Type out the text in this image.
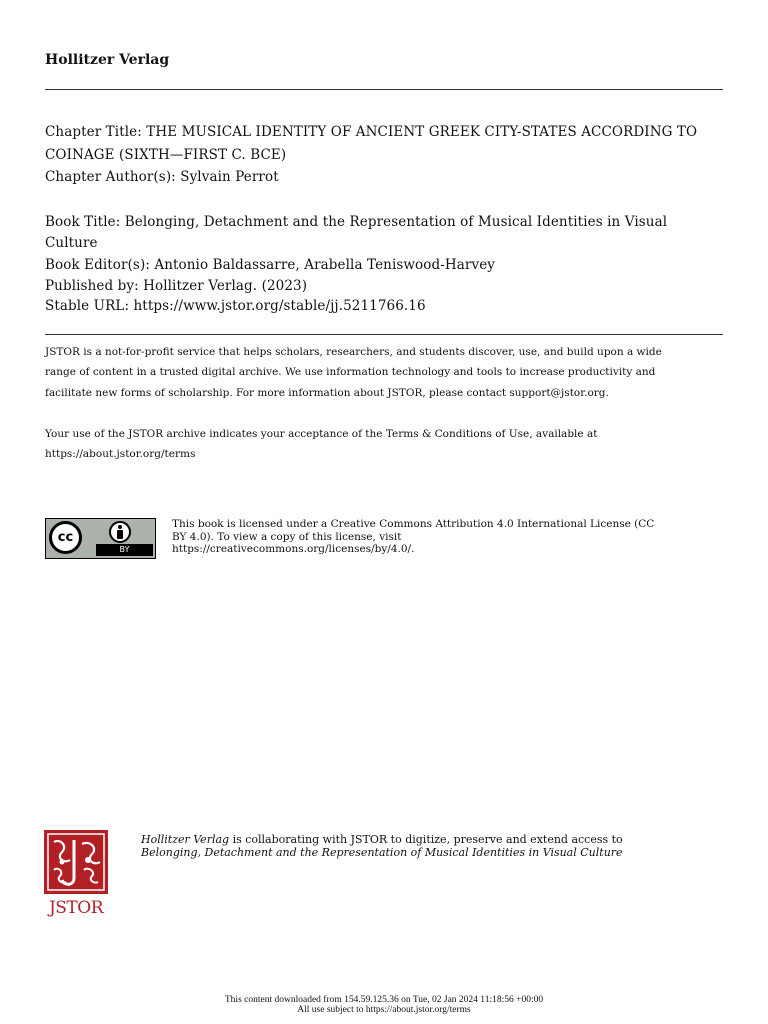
Hollitzer Verlag
Chapter Title: THE MUSICAL IDENTITY OF ANCIENT GREEK CITY-STATES ACCORDING TO
COINAGE (SIXTH—FIRST C. BCE)
Chapter Author(s): Sylvain Perrot
Book Title: Belonging, Detachment and the Representation of Musical Identities in Visual
Culture
Book Editor(s): Antonio Baldassarre, Arabella Teniswood-Harvey
Published by: Hollitzer Verlag. (2023)
Stable URL: https://www.jstor.org/stable/jj.5211766.16
JSTOR is a not-for-profit service that helps scholars, researchers, and students discover, use, and build upon a wide
range of content in a trusted digital archive. We use information technology and tools to increase productivity and
facilitate new forms of scholarship. For more information about JSTOR, please contact support@jstor.org.
Your use of the JSTOR archive indicates your acceptance of the Terms & Conditions of Use, available at
https://about.jstor.org/terms
cc
BY
This book is licensed under a Creative Commons Attribution 4.0 International License (CC
BY 4.0). To view a copy of this license, visit
https://creativecommons.org/licenses/by/4.0/.
JSTOR
Hollitzer Verlag is collaborating with JSTOR to digitize, preserve and extend access to
Belonging, Detachment and the Representation of Musical Identities in Visual Culture
This content downloaded from 154.59.125.36 on Tue, 02 Jan 2024 11:18:56 +00:00
All use subject to https://about.jstor.org/terms
